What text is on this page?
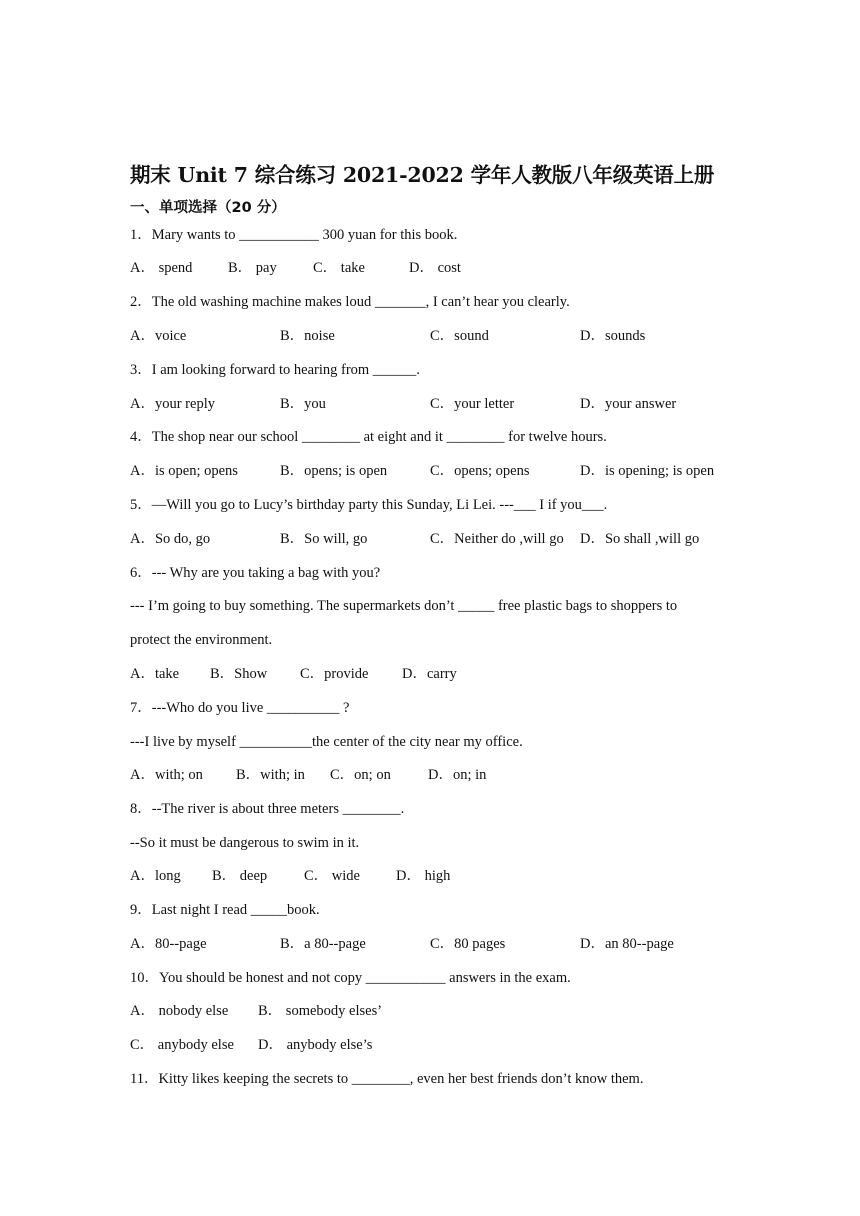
期末 Unit 7 综合练习 2021-2022 学年人教版八年级英语上册
一、单项选择（20 分）
1．Mary wants to ___________ 300 yuan for this book.
A． spend B． pay	C． take	D． cost
2．The old washing machine makes loud _______, I can’t hear you clearly.
A．voice	B．noise	C．sound	D．sounds
3．I am looking forward to hearing from ______.
A．your reply	B．you	C．your letter	D．your answer
4．The shop near our school ________ at eight and it ________ for twelve hours.
A．is open; opens	B．opens; is open	C．opens; opens	D．is opening; is open
5．—Will you go to Lucy’s birthday party this Sunday, Li Lei. ---___ I if you___.
A．So do, go	B．So will, go	C．Neither do ,will go D．So shall ,will go
6．--- Why are you taking a bag with you?
--- I’m going to buy something. The supermarkets don’t _____ free plastic bags to shoppers to
protect the environment.
A．take B．Show C．provide D．carry
7．---Who do you live __________ ?
---I live by myself __________the center of the city near my office.
A．with; on B．with; in C．on; on	D．on; in
8．--The river is about three meters ________.
--So it must be dangerous to swim in it.
A．long B． deep	C． wide D． high
9．Last night I read _____book.
A．80--page	B．a 80--page	C．80 pages	D．an 80--page
10．You should be honest and not copy ___________ answers in the exam.
A． nobody else B． somebody elses’
C． anybody else D． anybody else’s
11．Kitty likes keeping the secrets to ________, even her best friends don’t know them.
